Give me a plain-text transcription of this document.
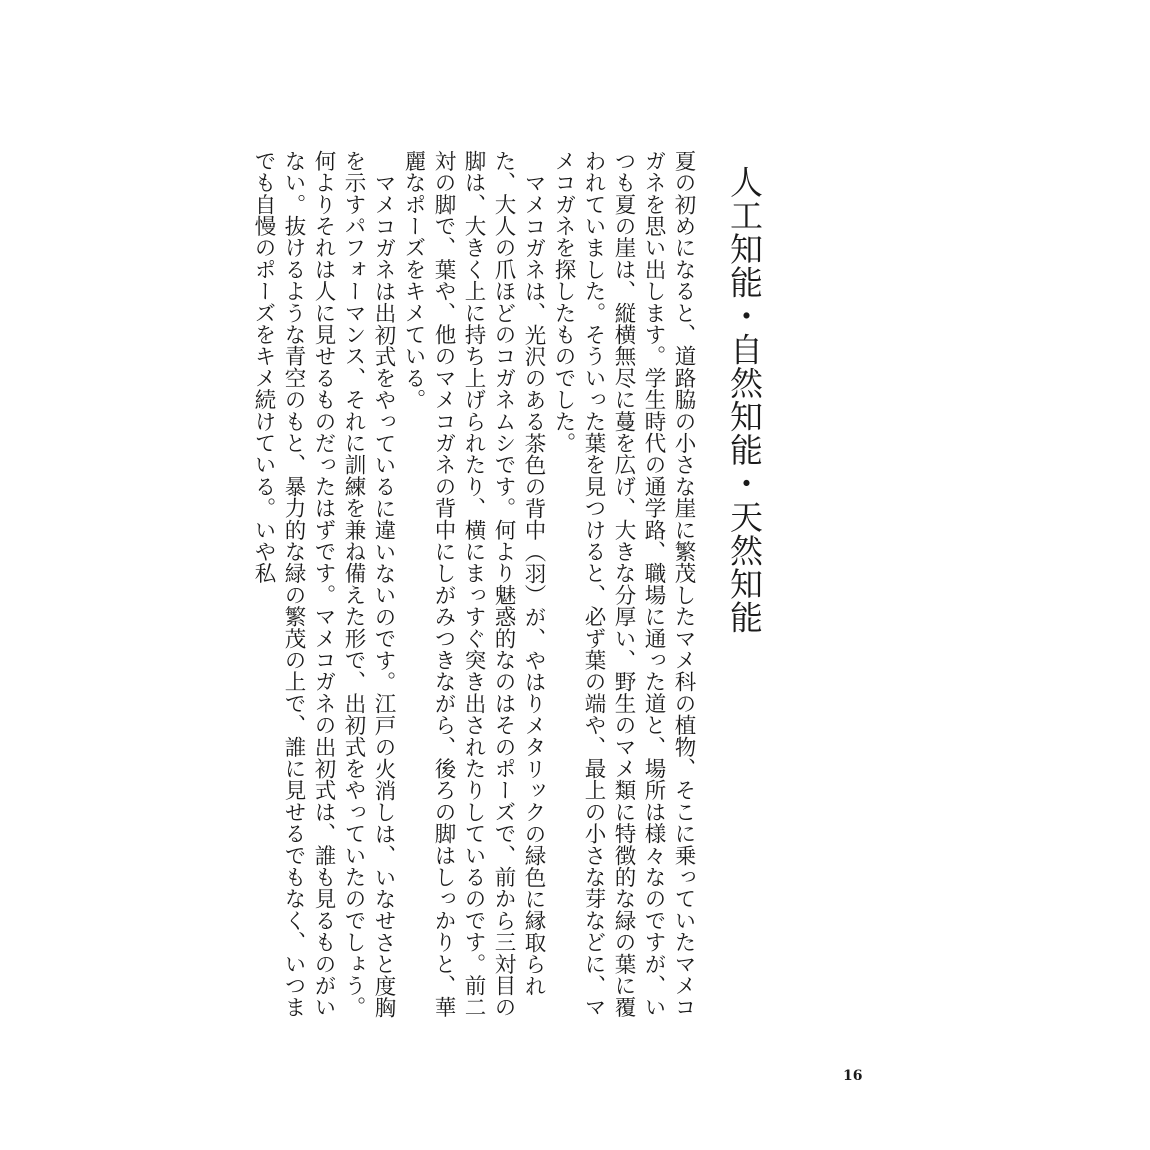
人工知能・自然知能・天然知能

夏の初めになると、道路脇の小さな崖に繁茂したマメ科の植物、そこに乗っていたマメコガネを思い出します。学生時代の通学路、職場に通った道と、場所は様々なのですが、いつも夏の崖は、縦横無尽に蔓を広げ、大きな分厚い、野生のマメ類に特徴的な緑の葉に覆われていました。そういった葉を見つけると、必ず葉の端や、最上の小さな芽などに、マメコガネを探したものでした。

マメコガネは、光沢のある茶色の背中（羽）が、やはりメタリックの緑色に縁取られた、大人の爪ほどのコガネムシです。何より魅惑的なのはそのポーズで、前から三対目の脚は、大きく上に持ち上げられたり、横にまっすぐ突き出されたりしているのです。前二対の脚で、葉や、他のマメコガネの背中にしがみつきながら、後ろの脚はしっかりと、華麗なポーズをキメている。

マメコガネは出初式をやっているに違いないのです。江戸の火消しは、いなせさと度胸を示すパフォーマンス、それに訓練を兼ね備えた形で、出初式をやっていたのでしょう。何よりそれは人に見せるものだったはずです。マメコガネの出初式は、誰も見るものがいない。抜けるような青空のもと、暴力的な緑の繁茂の上で、誰に見せるでもなく、いつまでも自慢のポーズをキメ続けている。いや私

16
